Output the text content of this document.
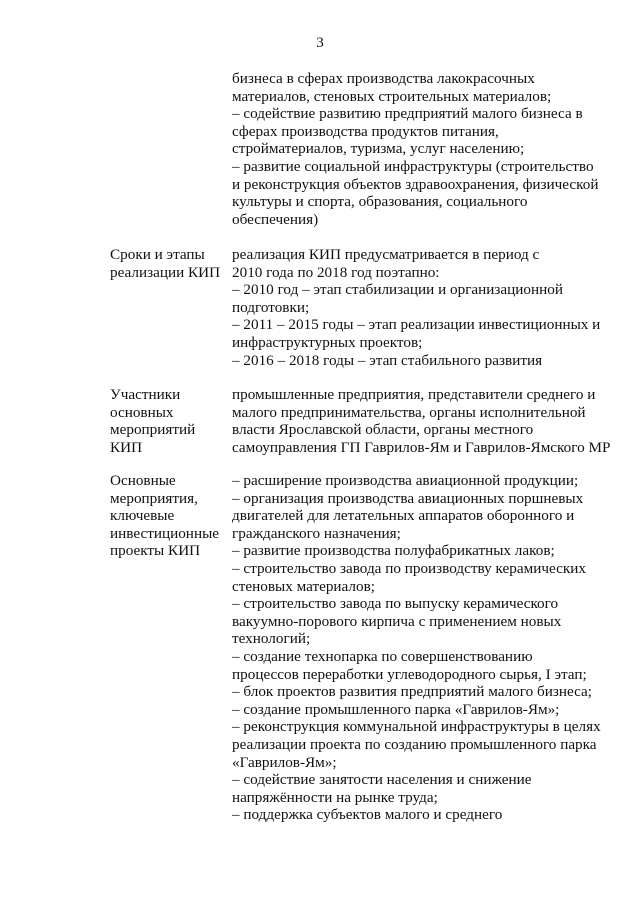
3
бизнеса в сферах производства лакокрасочных
материалов, стеновых строительных материалов;
– содействие развитию предприятий малого бизнеса в
сферах производства продуктов питания,
стройматериалов, туризма, услуг населению;
– развитие социальной инфраструктуры (строительство
и реконструкция объектов здравоохранения, физической
культуры и спорта, образования, социального
обеспечения)
Сроки и этапы
реализации КИП
реализация КИП предусматривается в период с
2010 года по 2018 год поэтапно:
– 2010 год – этап стабилизации и организационной
подготовки;
– 2011 – 2015 годы – этап реализации инвестиционных и
инфраструктурных проектов;
– 2016 – 2018 годы – этап стабильного развития
Участники
основных
мероприятий
КИП
промышленные предприятия, представители среднего и
малого предпринимательства, органы исполнительной
власти Ярославской области, органы местного
самоуправления ГП Гаврилов-Ям и Гаврилов-Ямского МР
Основные
мероприятия,
ключевые
инвестиционные
проекты КИП
– расширение производства авиационной продукции;
– организация производства авиационных поршневых
двигателей для летательных аппаратов оборонного и
гражданского назначения;
– развитие производства полуфабрикатных лаков;
– строительство завода по производству керамических
стеновых материалов;
– строительство завода по выпуску керамического
вакуумно-порового кирпича с применением новых
технологий;
– создание технопарка по совершенствованию
процессов переработки углеводородного сырья, I этап;
– блок проектов развития предприятий малого бизнеса;
– создание промышленного парка «Гаврилов-Ям»;
– реконструкция коммунальной инфраструктуры в целях
реализации проекта по созданию промышленного парка
«Гаврилов-Ям»;
– содействие занятости населения и снижение
напряжённости на рынке труда;
– поддержка субъектов малого и среднего
